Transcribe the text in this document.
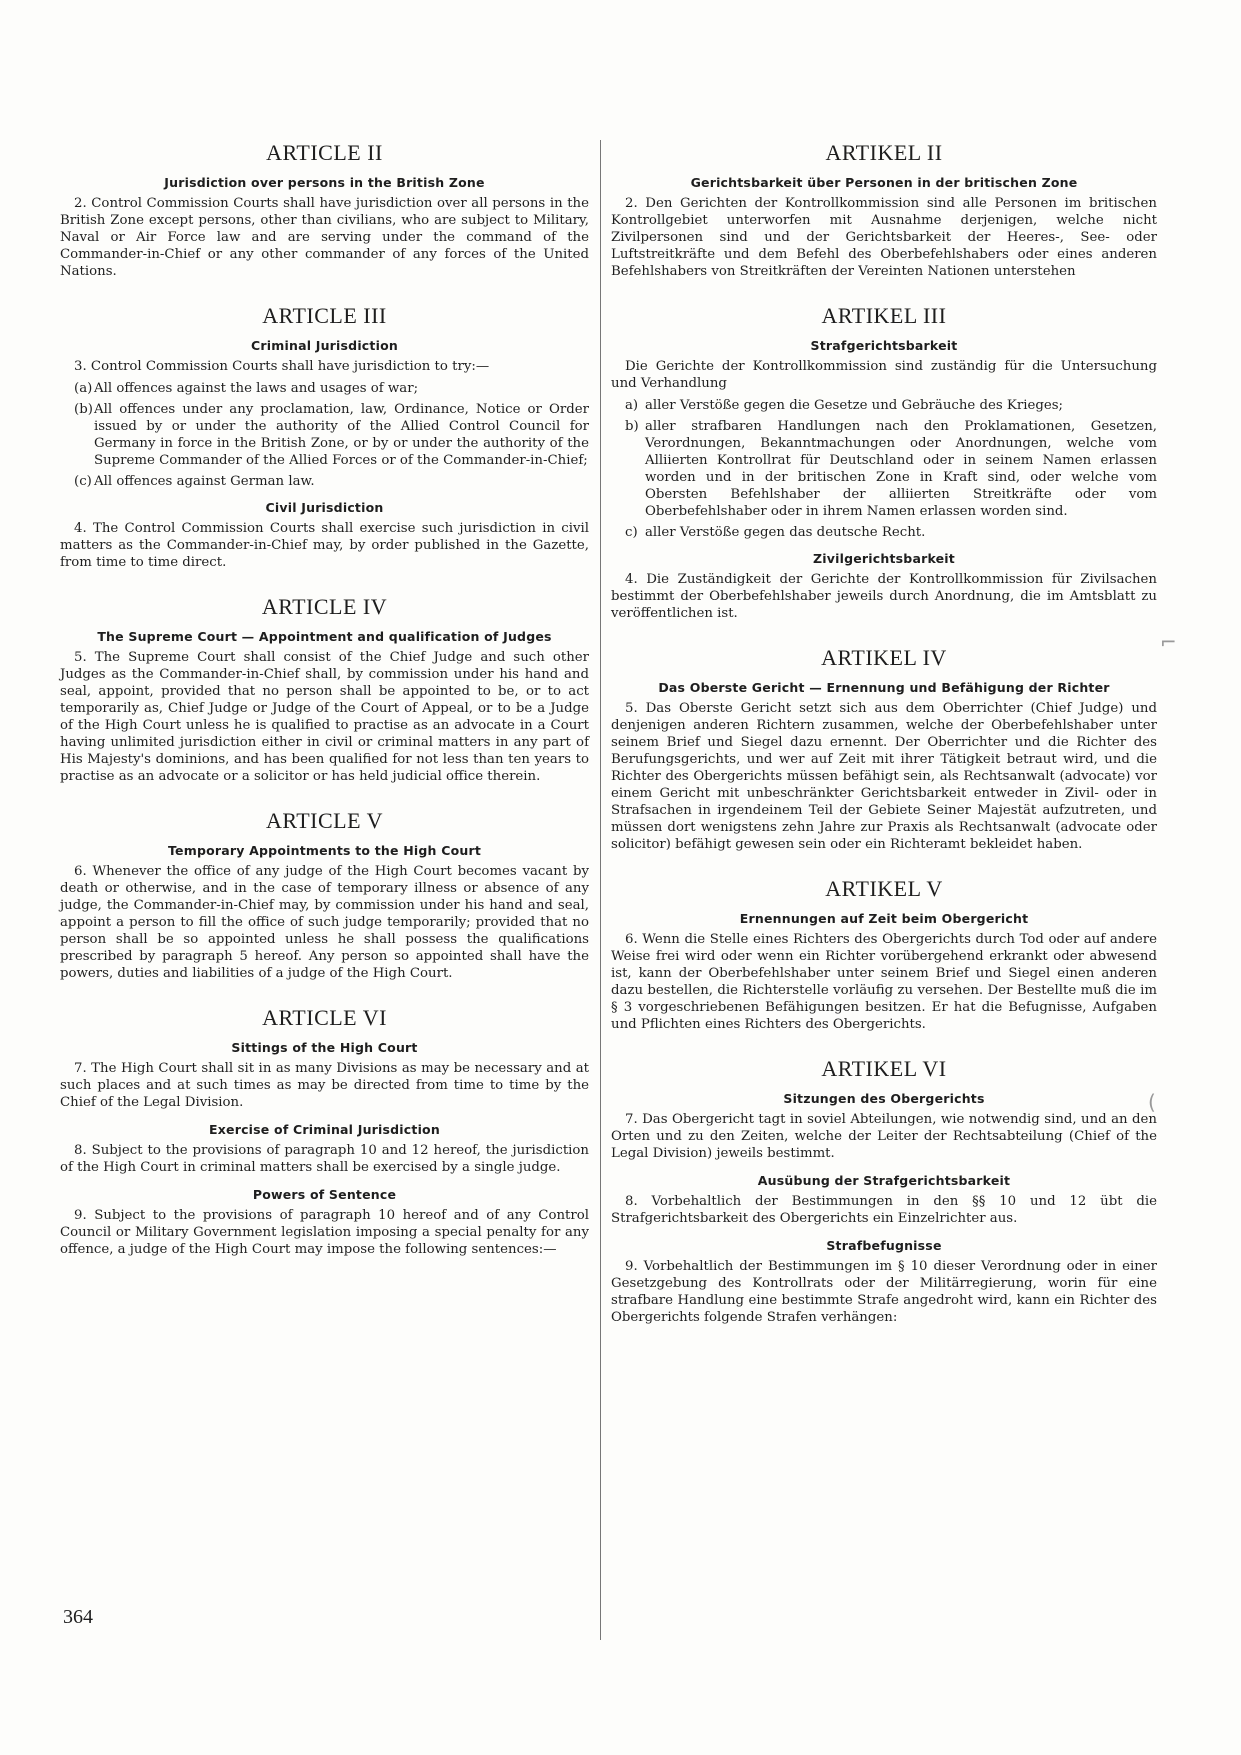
ARTICLE II
Jurisdiction over persons in the British Zone

2. Control Commission Courts shall have jurisdiction over all persons in the British Zone except persons, other than civilians, who are subject to Military, Naval or Air Force law and are serving under the command of the Commander-in-Chief or any other commander of any forces of the United Nations.

ARTICLE III
Criminal Jurisdiction

3. Control Commission Courts shall have jurisdiction to try:—

(a) All offences against the laws and usages of war;
(b) All offences under any proclamation, law, Ordinance, Notice or Order issued by or under the authority of the Allied Control Council for Germany in force in the British Zone, or by or under the authority of the Supreme Commander of the Allied Forces or of the Commander-in-Chief;
(c) All offences against German law.
Civil Jurisdiction

4. The Control Commission Courts shall exercise such jurisdiction in civil matters as the Commander-in-Chief may, by order published in the Gazette, from time to time direct.

ARTICLE IV
The Supreme Court — Appointment and qualification of Judges

5. The Supreme Court shall consist of the Chief Judge and such other Judges as the Commander-in-Chief shall, by commission under his hand and seal, appoint, provided that no person shall be appointed to be, or to act temporarily as, Chief Judge or Judge of the Court of Appeal, or to be a Judge of the High Court unless he is qualified to practise as an advocate in a Court having unlimited jurisdiction either in civil or criminal matters in any part of His Majesty's dominions, and has been qualified for not less than ten years to practise as an advocate or a solicitor or has held judicial office therein.

ARTICLE V
Temporary Appointments to the High Court

6. Whenever the office of any judge of the High Court becomes vacant by death or otherwise, and in the case of temporary illness or absence of any judge, the Commander-in-Chief may, by commission under his hand and seal, appoint a person to fill the office of such judge temporarily; provided that no person shall be so appointed unless he shall possess the qualifications prescribed by paragraph 5 hereof. Any person so appointed shall have the powers, duties and liabilities of a judge of the High Court.

ARTICLE VI
Sittings of the High Court

7. The High Court shall sit in as many Divisions as may be necessary and at such places and at such times as may be directed from time to time by the Chief of the Legal Division.

Exercise of Criminal Jurisdiction

8. Subject to the provisions of paragraph 10 and 12 hereof, the jurisdiction of the High Court in criminal matters shall be exercised by a single judge.

Powers of Sentence

9. Subject to the provisions of paragraph 10 hereof and of any Control Council or Military Government legislation imposing a special penalty for any offence, a judge of the High Court may impose the following sentences:—

ARTIKEL II
Gerichtsbarkeit über Personen in der britischen Zone

2. Den Gerichten der Kontrollkommission sind alle Personen im britischen Kontrollgebiet unterworfen mit Ausnahme derjenigen, welche nicht Zivilpersonen sind und der Gerichtsbarkeit der Heeres-, See- oder Luftstreitkräfte und dem Befehl des Oberbefehlshabers oder eines anderen Befehlshabers von Streitkräften der Vereinten Nationen unterstehen

ARTIKEL III
Strafgerichtsbarkeit

Die Gerichte der Kontrollkommission sind zuständig für die Untersuchung und Verhandlung

a) aller Verstöße gegen die Gesetze und Gebräuche des Krieges;
b) aller strafbaren Handlungen nach den Proklamationen, Gesetzen, Verordnungen, Bekanntmachungen oder Anordnungen, welche vom Alliierten Kontrollrat für Deutschland oder in seinem Namen erlassen worden und in der britischen Zone in Kraft sind, oder welche vom Obersten Befehlshaber der alliierten Streitkräfte oder vom Oberbefehlshaber oder in ihrem Namen erlassen worden sind.
c) aller Verstöße gegen das deutsche Recht.
Zivilgerichtsbarkeit

4. Die Zuständigkeit der Gerichte der Kontrollkommission für Zivilsachen bestimmt der Oberbefehlshaber jeweils durch Anordnung, die im Amtsblatt zu veröffentlichen ist.

ARTIKEL IV
Das Oberste Gericht — Ernennung und Befähigung der Richter

5. Das Oberste Gericht setzt sich aus dem Oberrichter (Chief Judge) und denjenigen anderen Richtern zusammen, welche der Oberbefehlshaber unter seinem Brief und Siegel dazu ernennt. Der Oberrichter und die Richter des Berufungsgerichts, und wer auf Zeit mit ihrer Tätigkeit betraut wird, und die Richter des Obergerichts müssen befähigt sein, als Rechtsanwalt (advocate) vor einem Gericht mit unbeschränkter Gerichtsbarkeit entweder in Zivil- oder in Strafsachen in irgendeinem Teil der Gebiete Seiner Majestät aufzutreten, und müssen dort wenigstens zehn Jahre zur Praxis als Rechtsanwalt (advocate oder solicitor) befähigt gewesen sein oder ein Richteramt bekleidet haben.

ARTIKEL V
Ernennungen auf Zeit beim Obergericht

6. Wenn die Stelle eines Richters des Obergerichts durch Tod oder auf andere Weise frei wird oder wenn ein Richter vorübergehend erkrankt oder abwesend ist, kann der Oberbefehlshaber unter seinem Brief und Siegel einen anderen dazu bestellen, die Richterstelle vorläufig zu versehen. Der Bestellte muß die im § 3 vorgeschriebenen Befähigungen besitzen. Er hat die Befugnisse, Aufgaben und Pflichten eines Richters des Obergerichts.

ARTIKEL VI
Sitzungen des Obergerichts

7. Das Obergericht tagt in soviel Abteilungen, wie notwendig sind, und an den Orten und zu den Zeiten, welche der Leiter der Rechtsabteilung (Chief of the Legal Division) jeweils bestimmt.

Ausübung der Strafgerichtsbarkeit

8. Vorbehaltlich der Bestimmungen in den §§ 10 und 12 übt die Strafgerichtsbarkeit des Obergerichts ein Einzelrichter aus.

Strafbefugnisse

9. Vorbehaltlich der Bestimmungen im § 10 dieser Verordnung oder in einer Gesetzgebung des Kontrollrats oder der Militärregierung, worin für eine strafbare Handlung eine bestimmte Strafe angedroht wird, kann ein Richter des Obergerichts folgende Strafen verhängen:

⌐
(
364
